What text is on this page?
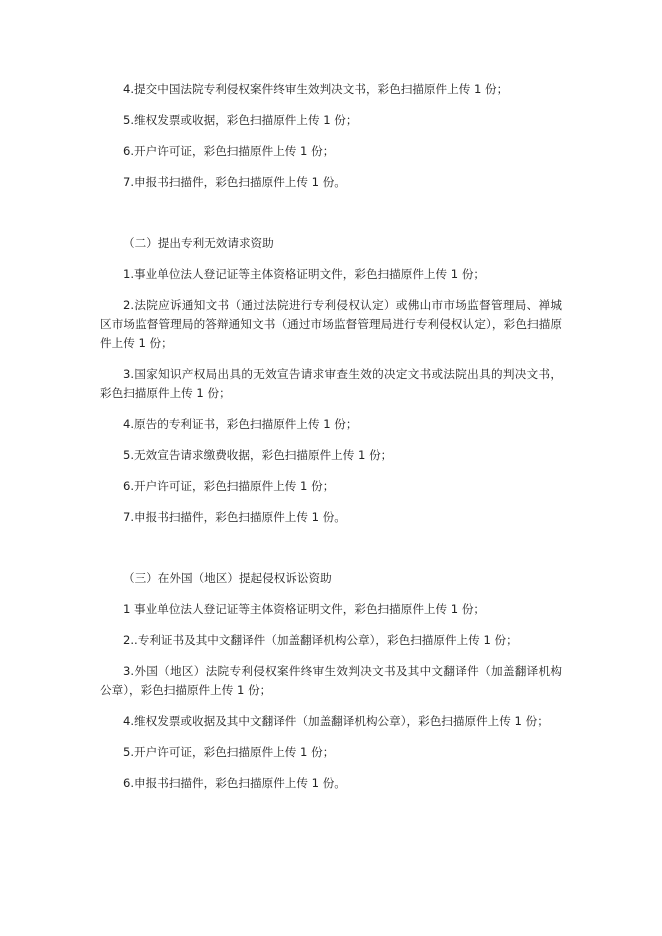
4.提交中国法院专利侵权案件终审生效判决文书，彩色扫描原件上传 1 份；

5.维权发票或收据，彩色扫描原件上传 1 份；

6.开户许可证，彩色扫描原件上传 1 份；

7.申报书扫描件，彩色扫描原件上传 1 份。

（二）提出专利无效请求资助

1.事业单位法人登记证等主体资格证明文件，彩色扫描原件上传 1 份；

2.法院应诉通知文书（通过法院进行专利侵权认定）或佛山市市场监督管理局、禅城区市场监督管理局的答辩通知文书（通过市场监督管理局进行专利侵权认定），彩色扫描原件上传 1 份；

3.国家知识产权局出具的无效宣告请求审查生效的决定文书或法院出具的判决文书，彩色扫描原件上传 1 份；

4.原告的专利证书，彩色扫描原件上传 1 份；

5.无效宣告请求缴费收据，彩色扫描原件上传 1 份；

6.开户许可证，彩色扫描原件上传 1 份；

7.申报书扫描件，彩色扫描原件上传 1 份。

（三）在外国（地区）提起侵权诉讼资助

1 事业单位法人登记证等主体资格证明文件，彩色扫描原件上传 1 份；

2..专利证书及其中文翻译件（加盖翻译机构公章），彩色扫描原件上传 1 份；

3.外国（地区）法院专利侵权案件终审生效判决文书及其中文翻译件（加盖翻译机构公章），彩色扫描原件上传 1 份；

4.维权发票或收据及其中文翻译件（加盖翻译机构公章），彩色扫描原件上传 1 份；

5.开户许可证，彩色扫描原件上传 1 份；

6.申报书扫描件，彩色扫描原件上传 1 份。
